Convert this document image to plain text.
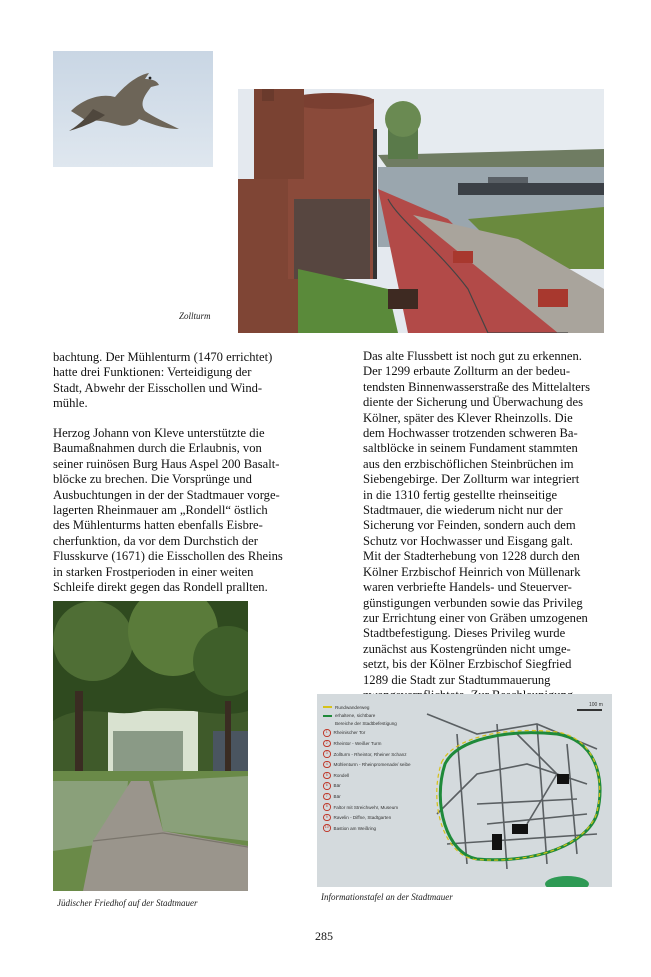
Zollturm
bachtung. Der Mühlenturm (1470 errichtet)
hatte drei Funktionen: Verteidigung der
Stadt, Abwehr der Eisschollen und Wind-
mühle.
Herzog Johann von Kleve unterstützte die
Baumaßnahmen durch die Erlaubnis, von
seiner ruinösen Burg Haus Aspel 200 Basalt-
blöcke zu brechen. Die Vorsprünge und
Ausbuchtungen in der der Stadtmauer vorge-
lagerten Rheinmauer am „Rondell“ östlich
des Mühlenturms hatten ebenfalls Eisbre-
cherfunktion, da vor dem Durchstich der
Flusskurve (1671) die Eisschollen des Rheins
in starken Frostperioden in einer weiten
Schleife direkt gegen das Rondell prallten.
Das alte Flussbett ist noch gut zu erkennen.
Der 1299 erbaute Zollturm an der bedeu-
tendsten Binnenwasserstraße des Mittelalters
diente der Sicherung und Überwachung des
Kölner, später des Klever Rheinzolls. Die
dem Hochwasser trotzenden schweren Ba-
saltblöcke in seinem Fundament stammten
aus den erzbischöflichen Steinbrüchen im
Siebengebirge. Der Zollturm war integriert
in die 1310 fertig gestellte rheinseitige
Stadtmauer, die wiederum nicht nur der
Sicherung vor Feinden, sondern auch dem
Schutz vor Hochwasser und Eisgang galt.
Mit der Stadterhebung von 1228 durch den
Kölner Erzbischof Heinrich von Müllenark
waren verbriefte Handels- und Steuerver-
günstigungen verbunden sowie das Privileg
zur Errichtung einer von Gräben umzogenen
Stadtbefestigung. Dieses Privileg wurde
zunächst aus Kostengründen nicht umge-
setzt, bis der Kölner Erzbischof Siegfried
1289 die Stadt zur Stadtummauerung
Jüdischer Friedhof auf der Stadtmauer
Rundwanderweg
erhaltene, sichtbare
Bereiche der Stadtbefestigung
1	Rheinischer Tor
2	Rheintor - Weißer Turm
3	Zollturm - Rheintor, Rheiner Schanz
4	Mühlenturm - Rheinpromenade/ seibe
5	Rondell
6	Bär
7	Bär
8	Faltor mit Streichwehr, Museum
9	Ravelin - Diffne, Stadtgarten
10	Bastion am Weißring
100 m
Informationstafel an der Stadtmauer
285
